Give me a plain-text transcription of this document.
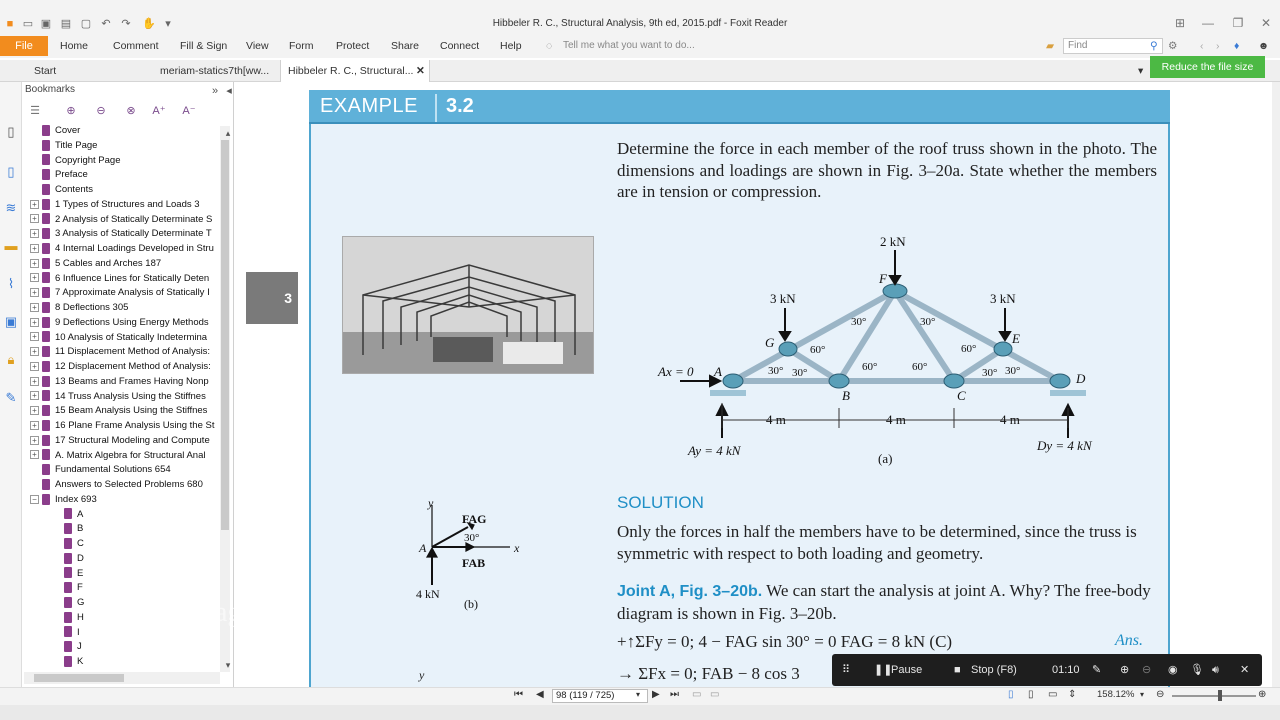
Hibbeler R. C., Structural Analysis, 9th ed, 2015.pdf - Foxit Reader
■ ▭ ▣ ▤ ▢ ↶ ↷ ✋ ▾	⊞ — ❐ ✕
File	Home Comment Fill & Sign View Form Protect Share Connect Help ◌ Tell me what you want to do...	▰	Find	⚲ ⚙ ‹ › ♦ ☻
Start	meriam-statics7th[ww...	Hibbeler R. C., Structural... ✕	▾	Reduce the file size
▯
▯
≋
▬
⌇
▣
🔒︎
✎
Bookmarks	» ◂
☰ ⊕ ⊖ ⊗ A⁺ A⁻
Cover
Title Page
Copyright Page
Preface
Contents
+ 1 Types of Structures and Loads 3
+ 2 Analysis of Statically Determinate S
+ 3 Analysis of Statically Determinate T
+ 4 Internal Loadings Developed in Stru
+ 5 Cables and Arches 187
+ 6 Influence Lines for Statically Deten
+ 7 Approximate Analysis of Statically I
+ 8 Deflections 305
+ 9 Deflections Using Energy Methods
+ 10 Analysis of Statically Indetermina
+ 11 Displacement Method of Analysis:
+ 12 Displacement Method of Analysis:
+ 13 Beams and Frames Having Nonp
+ 14 Truss Analysis Using the Stiffnes
+ 15 Beam Analysis Using the Stiffnes
+ 16 Plane Frame Analysis Using the St
+ 17 Structural Modeling and Compute
+ A. Matrix Algebra for Structural Anal
Fundamental Solutions 654
Answers to Selected Problems 680
− Index 693
A
B
C
D
E
F
G
H
I
J
K
▴
▾
3
EXAMPLE 3.2
Determine the force in each member of the roof truss shown in the photo. The dimensions and loadings are shown in Fig. 3–20a. State whether the members are in tension or compression.
2 kN
3 kN	3 kN
Ax = 0
Ay = 4 kN	Dy = 4 kN
4 m	4 m	4 m
(a)
A
B	C
D
E
F
G
30° 30°
60°
30°	30°
60°
60°	60°	30° 30°
y
x
A
FAG
FAB
30°
4 kN
(b)
y
SOLUTION
Only the forces in half the members have to be determined, since the truss is symmetric with respect to both loading and geometry.
Joint A, Fig. 3–20b. We can start the analysis at joint A. Why? The free-body diagram is shown in Fig. 3–20b.
+↑ΣFy = 0; 4 − FAG sin 30° = 0 FAG = 8 kN (C)	Ans.
→ ΣFx = 0; FAB − 8 cos 3
ag the
⠿ ❚❚
Pause	■ Stop (F8)	01:10 ✎ ⊕ ⊖ ◉ 🎙︎ 🔊︎ ✕
⏮ ◀	98 (119 / 725)	▾ ▶ ⏭ ▭ ▭	▯ ▯ ▭ ⇕ 158.12% ▾ ⊖	⊕
